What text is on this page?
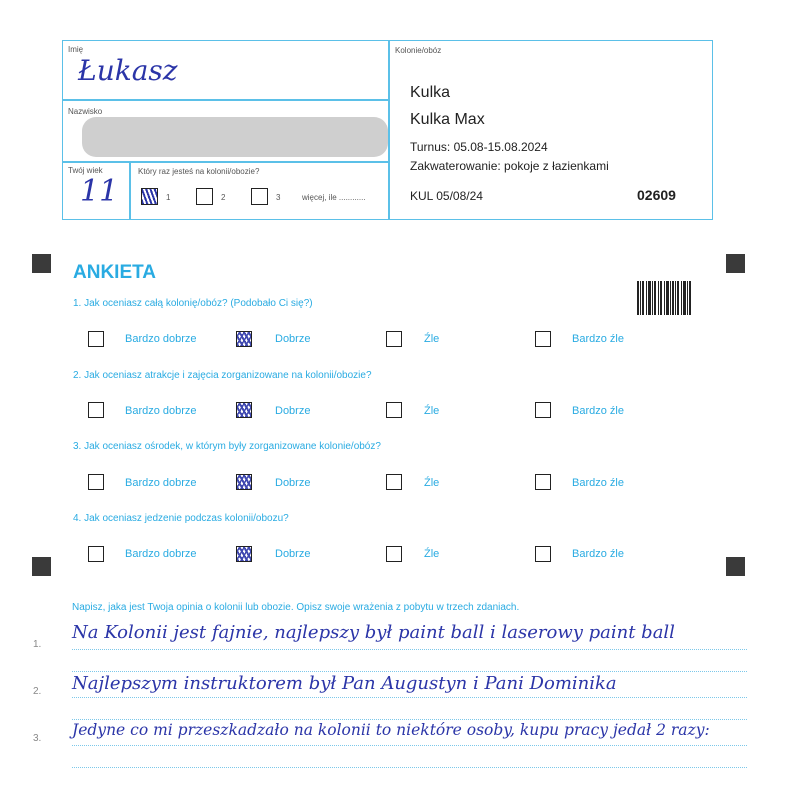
Imię
Łukasz
Nazwisko
Twój wiek
11
Który raz jesteś na kolonii/obozie?
1	2	3	więcej, ile ............
Kolonie/obóz
Kulka
Kulka Max
Turnus: 05.08-15.08.2024
Zakwaterowanie: pokoje z łazienkami
KUL 05/08/24	02609
ANKIETA
1. Jak oceniasz całą kolonię/obóz? (Podobało Ci się?)
Bardzo dobrze	Dobrze	Źle	Bardzo źle
2. Jak oceniasz atrakcje i zajęcia zorganizowane na kolonii/obozie?
Bardzo dobrze	Dobrze	Źle	Bardzo źle
3. Jak oceniasz ośrodek, w którym były zorganizowane kolonie/obóz?
Bardzo dobrze	Dobrze	Źle	Bardzo źle
4. Jak oceniasz jedzenie podczas kolonii/obozu?
Bardzo dobrze	Dobrze	Źle	Bardzo źle
Napisz, jaka jest Twoja opinia o kolonii lub obozie. Opisz swoje wrażenia z pobytu w trzech zdaniach.
1.
Na Kolonii jest fajnie, najlepszy był paint ball i laserowy paint ball
2. Najlepszym instruktorem był Pan Augustyn i Pani Dominika
3. Jedyne co mi przeszkadzało na kolonii to niektóre osoby, kupu pracy jedał 2 razy:
